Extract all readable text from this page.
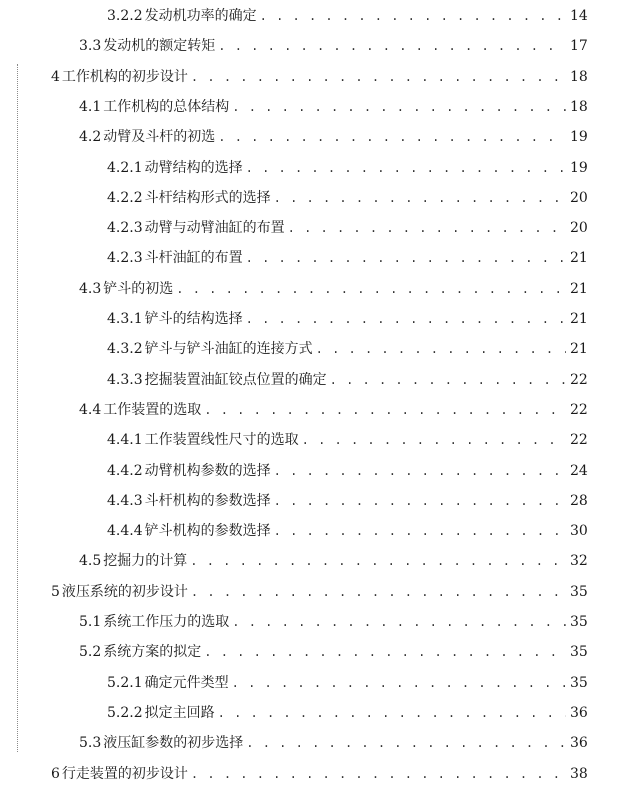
3.2.2 发动机功率的确定 . . .	14
3.3 发动机的额定转矩 . . .	17
4 工作机构的初步设计 . . .	18
4.1 工作机构的总体结构 . . .	18
4.2 动臂及斗杆的初选 . . .	19
4.2.1 动臂结构的选择 . . .	19
4.2.2 斗杆结构形式的选择 . . .	20
4.2.3 动臂与动臂油缸的布置 . . .	20
4.2.3 斗杆油缸的布置 . . .	21
4.3 铲斗的初选 . . .	21
4.3.1 铲斗的结构选择 . . .	21
4.3.2 铲斗与铲斗油缸的连接方式 . . .	21
4.3.3 挖掘装置油缸铰点位置的确定 . . .	22
4.4 工作装置的选取 . . .	22
4.4.1 工作装置线性尺寸的选取 . . .	22
4.4.2 动臂机构参数的选择 . . .	24
4.4.3 斗杆机构的参数选择 . . .	28
4.4.4 铲斗机构的参数选择 . . .	30
4.5 挖掘力的计算 . . .	32
5 液压系统的初步设计 . . .	35
5.1 系统工作压力的选取 . . .	35
5.2 系统方案的拟定 . . .	35
5.2.1 确定元件类型 . . .	35
5.2.2 拟定主回路 . . .	36
5.3 液压缸参数的初步选择 . . .	36
6 行走装置的初步设计 . . .	38
